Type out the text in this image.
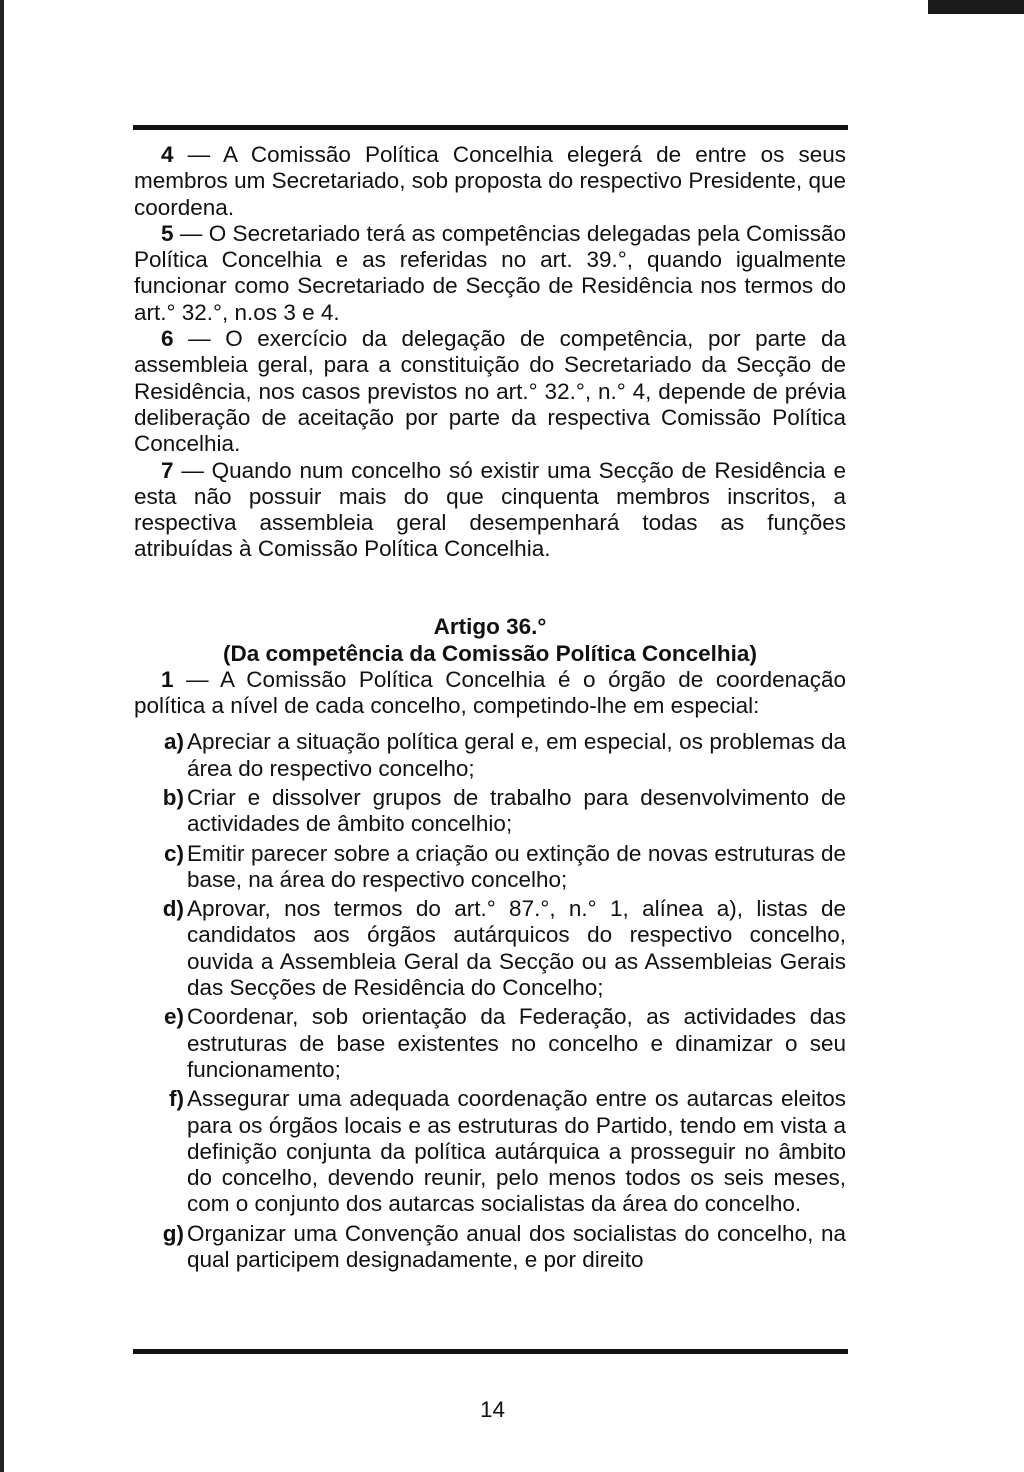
4 — A Comissão Política Concelhia elegerá de entre os seus membros um Secretariado, sob proposta do respectivo Presidente, que coordena.

5 — O Secretariado terá as competências delegadas pela Comissão Política Concelhia e as referidas no art. 39.°, quando igualmente funcionar como Secretariado de Secção de Residência nos termos do art.° 32.°, n.os 3 e 4.

6 — O exercício da delegação de competência, por parte da assembleia geral, para a constituição do Secretariado da Secção de Residência, nos casos previstos no art.° 32.°, n.° 4, depende de prévia deliberação de aceitação por parte da respectiva Comissão Política Concelhia.

7 — Quando num concelho só existir uma Secção de Residência e esta não possuir mais do que cinquenta membros inscritos, a respectiva assembleia geral desempenhará todas as funções atribuídas à Comissão Política Concelhia.

Artigo 36.°

(Da competência da Comissão Política Concelhia)

1 — A Comissão Política Concelhia é o órgão de coordenação política a nível de cada concelho, competindo-lhe em especial:

a) Apreciar a situação política geral e, em especial, os problemas da área do respectivo concelho;
b) Criar e dissolver grupos de trabalho para desenvolvimento de actividades de âmbito concelhio;
c) Emitir parecer sobre a criação ou extinção de novas estruturas de base, na área do respectivo concelho;
d) Aprovar, nos termos do art.° 87.°, n.° 1, alínea a), listas de candidatos aos órgãos autárquicos do respectivo concelho, ouvida a Assembleia Geral da Secção ou as Assembleias Gerais das Secções de Residência do Concelho;
e) Coordenar, sob orientação da Federação, as actividades das estruturas de base existentes no concelho e dinamizar o seu funcionamento;
f) Assegurar uma adequada coordenação entre os autarcas eleitos para os órgãos locais e as estruturas do Partido, tendo em vista a definição conjunta da política autárquica a prosseguir no âmbito do concelho, devendo reunir, pelo menos todos os seis meses, com o conjunto dos autarcas socialistas da área do concelho.
g) Organizar uma Convenção anual dos socialistas do concelho, na qual participem designadamente, e por direito
14
